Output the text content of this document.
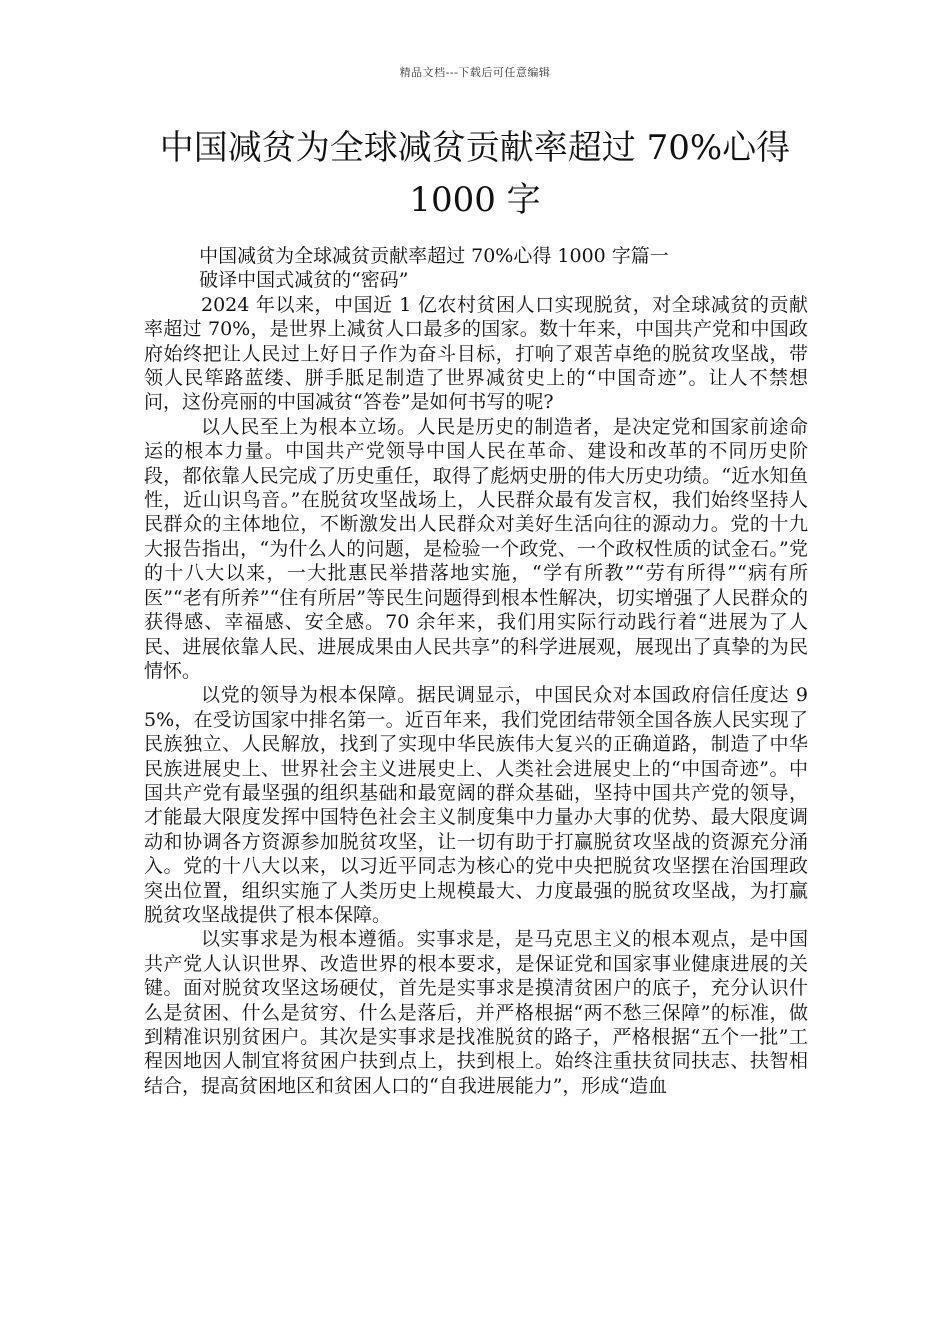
精品文档---下载后可任意编辑
中国减贫为全球减贫贡献率超过 70%心得
1000 字

中国减贫为全球减贫贡献率超过 70%心得 1000 字篇一

破译中国式减贫的“密码”

2024 年以来，中国近 1 亿农村贫困人口实现脱贫，对全球减贫的贡献率超过 70%，是世界上减贫人口最多的国家。数十年来，中国共产党和中国政府始终把让人民过上好日子作为奋斗目标，打响了艰苦卓绝的脱贫攻坚战，带领人民筚路蓝缕、胼手胝足制造了世界减贫史上的“中国奇迹”。让人不禁想问，这份亮丽的中国减贫“答卷”是如何书写的呢?

以人民至上为根本立场。人民是历史的制造者，是决定党和国家前途命运的根本力量。中国共产党领导中国人民在革命、建设和改革的不同历史阶段，都依靠人民完成了历史重任，取得了彪炳史册的伟大历史功绩。“近水知鱼性，近山识鸟音。”在脱贫攻坚战场上，人民群众最有发言权，我们始终坚持人民群众的主体地位，不断激发出人民群众对美好生活向往的源动力。党的十九大报告指出，“为什么人的问题，是检验一个政党、一个政权性质的试金石。”党的十八大以来，一大批惠民举措落地实施，“学有所教”“劳有所得”“病有所医”“老有所养”“住有所居”等民生问题得到根本性解决，切实增强了人民群众的获得感、幸福感、安全感。70 余年来，我们用实际行动践行着“进展为了人民、进展依靠人民、进展成果由人民共享”的科学进展观，展现出了真挚的为民情怀。

以党的领导为根本保障。据民调显示，中国民众对本国政府信任度达 95%，在受访国家中排名第一。近百年来，我们党团结带领全国各族人民实现了民族独立、人民解放，找到了实现中华民族伟大复兴的正确道路，制造了中华民族进展史上、世界社会主义进展史上、人类社会进展史上的“中国奇迹”。中国共产党有最坚强的组织基础和最宽阔的群众基础，坚持中国共产党的领导，才能最大限度发挥中国特色社会主义制度集中力量办大事的优势、最大限度调动和协调各方资源参加脱贫攻坚，让一切有助于打赢脱贫攻坚战的资源充分涌入。党的十八大以来，以习近平同志为核心的党中央把脱贫攻坚摆在治国理政突出位置，组织实施了人类历史上规模最大、力度最强的脱贫攻坚战，为打赢脱贫攻坚战提供了根本保障。

以实事求是为根本遵循。实事求是，是马克思主义的根本观点，是中国共产党人认识世界、改造世界的根本要求，是保证党和国家事业健康进展的关键。面对脱贫攻坚这场硬仗，首先是实事求是摸清贫困户的底子，充分认识什么是贫困、什么是贫穷、什么是落后，并严格根据“两不愁三保障”的标准，做到精准识别贫困户。其次是实事求是找准脱贫的路子，严格根据“五个一批”工程因地因人制宜将贫困户扶到点上，扶到根上。始终注重扶贫同扶志、扶智相结合，提高贫困地区和贫困人口的“自我进展能力”，形成“造血
